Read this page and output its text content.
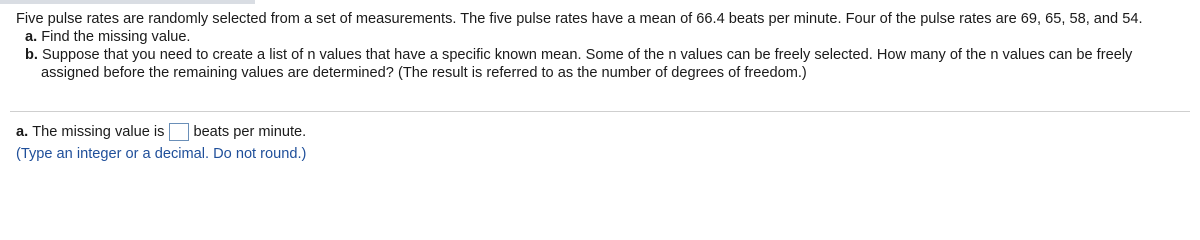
Five pulse rates are randomly selected from a set of measurements. The five pulse rates have a mean of 66.4 beats per minute. Four of the pulse rates are 69, 65, 58, and 54.

a. Find the missing value.
b. Suppose that you need to create a list of n values that have a specific known mean. Some of the n values can be freely selected. How many of the n values can be freely assigned before the remaining values are determined? (The result is referred to as the number of degrees of freedom.)
a. The missing value is beats per minute.
(Type an integer or a decimal. Do not round.)
